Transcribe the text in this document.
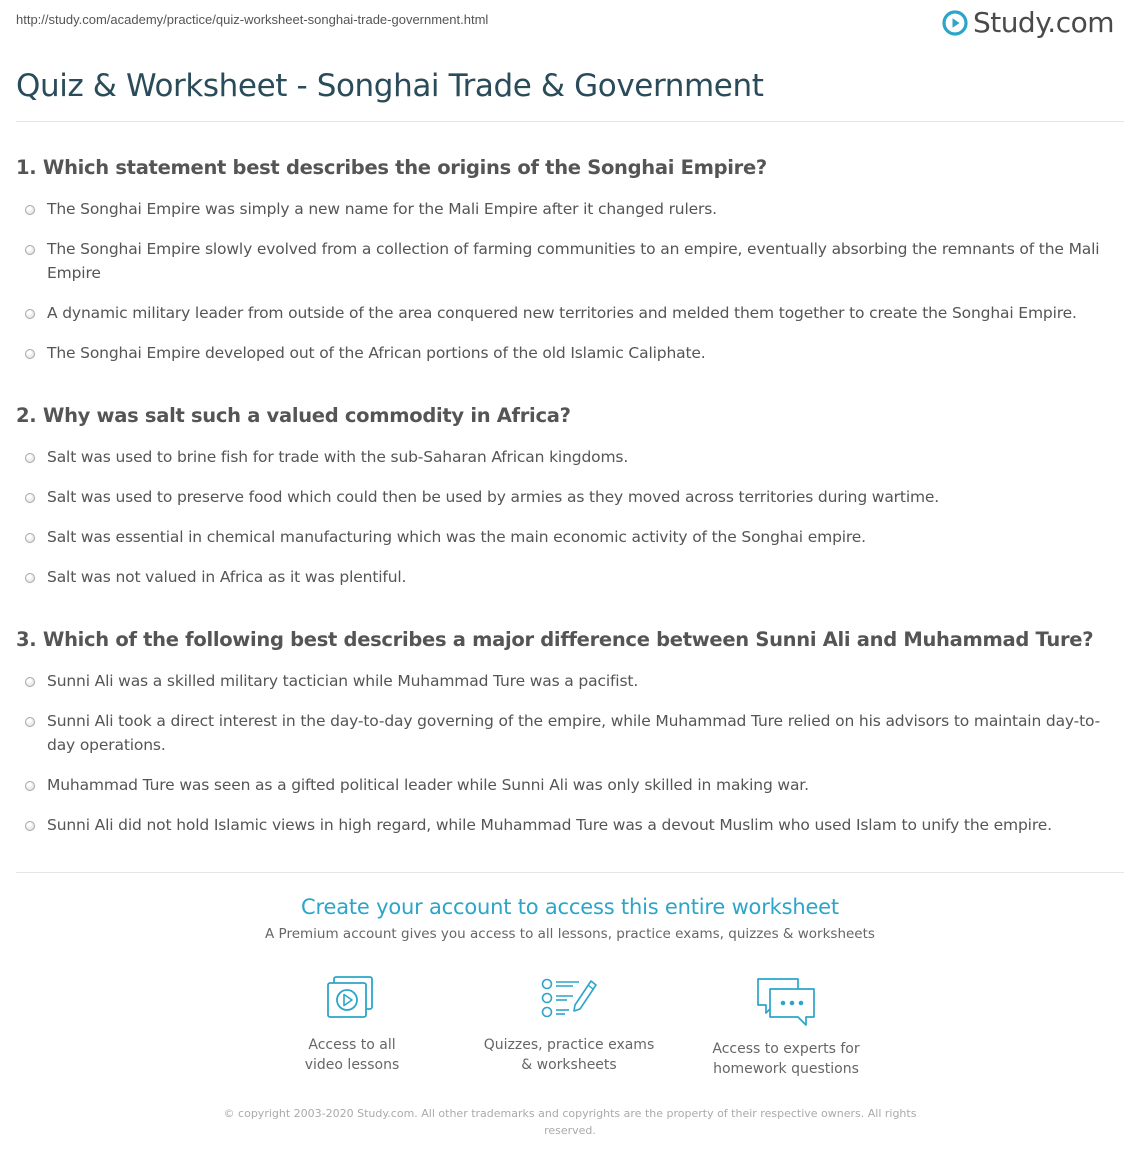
http://study.com/academy/practice/quiz-worksheet-songhai-trade-government.html	Study.com
Quiz & Worksheet - Songhai Trade & Government
1. Which statement best describes the origins of the Songhai Empire?
The Songhai Empire was simply a new name for the Mali Empire after it changed rulers.
The Songhai Empire slowly evolved from a collection of farming communities to an empire, eventually absorbing the remnants of the Mali Empire
A dynamic military leader from outside of the area conquered new territories and melded them together to create the Songhai Empire.
The Songhai Empire developed out of the African portions of the old Islamic Caliphate.
2. Why was salt such a valued commodity in Africa?
Salt was used to brine fish for trade with the sub-Saharan African kingdoms.
Salt was used to preserve food which could then be used by armies as they moved across territories during wartime.
Salt was essential in chemical manufacturing which was the main economic activity of the Songhai empire.
Salt was not valued in Africa as it was plentiful.
3. Which of the following best describes a major difference between Sunni Ali and Muhammad Ture?
Sunni Ali was a skilled military tactician while Muhammad Ture was a pacifist.
Sunni Ali took a direct interest in the day-to-day governing of the empire, while Muhammad Ture relied on his advisors to maintain day-to-day operations.
Muhammad Ture was seen as a gifted political leader while Sunni Ali was only skilled in making war.
Sunni Ali did not hold Islamic views in high regard, while Muhammad Ture was a devout Muslim who used Islam to unify the empire.
Create your account to access this entire worksheet
A Premium account gives you access to all lessons, practice exams, quizzes & worksheets
Access to all
video lessons
Quizzes, practice exams
& worksheets
Access to experts for
homework questions
© copyright 2003-2020 Study.com. All other trademarks and copyrights are the property of their respective owners. All rights reserved.
